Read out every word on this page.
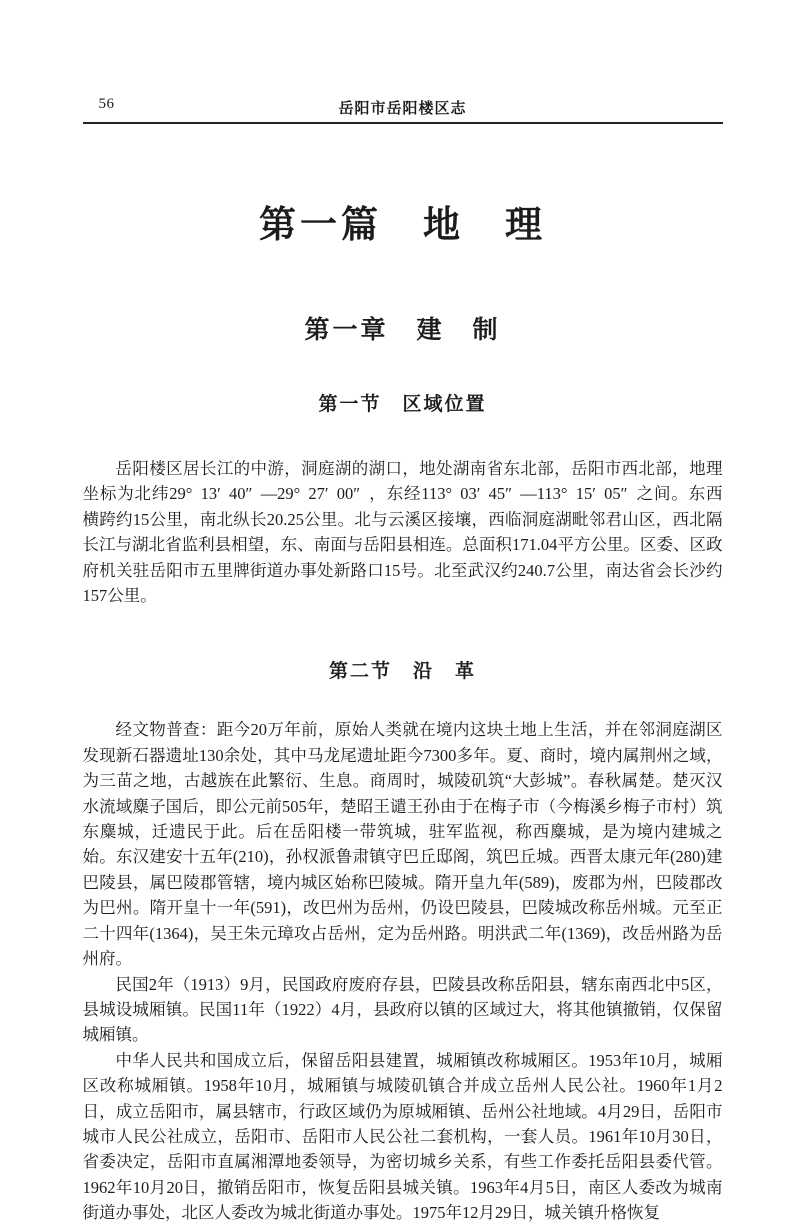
56	岳阳市岳阳楼区志
第一篇　地　理
第一章　建　制
第一节　区域位置

岳阳楼区居长江的中游，洞庭湖的湖口，地处湖南省东北部，岳阳市西北部，地理坐标为北纬29° 13′ 40″ —29° 27′ 00″ ，东经113° 03′ 45″ —113° 15′ 05″ 之间。东西横跨约15公里，南北纵长20.25公里。北与云溪区接壤，西临洞庭湖毗邻君山区，西北隔长江与湖北省监利县相望，东、南面与岳阳县相连。总面积171.04平方公里。区委、区政府机关驻岳阳市五里牌街道办事处新路口15号。北至武汉约240.7公里，南达省会长沙约157公里。

第二节　沿　革

经文物普查：距今20万年前，原始人类就在境内这块土地上生活，并在邻洞庭湖区发现新石器遗址130余处，其中马龙尾遗址距今7300多年。夏、商时，境内属荆州之域，为三苗之地，古越族在此繁衍、生息。商周时，城陵矶筑“大彭城”。春秋属楚。楚灭汉水流域麋子国后，即公元前505年，楚昭王谴王孙由于在梅子市（今梅溪乡梅子市村）筑东麋城，迁遗民于此。后在岳阳楼一带筑城，驻军监视，称西麋城，是为境内建城之始。东汉建安十五年(210)，孙权派鲁肃镇守巴丘邸阁，筑巴丘城。西晋太康元年(280)建巴陵县，属巴陵郡管辖，境内城区始称巴陵城。隋开皇九年(589)，废郡为州，巴陵郡改为巴州。隋开皇十一年(591)，改巴州为岳州，仍设巴陵县，巴陵城改称岳州城。元至正二十四年(1364)，吴王朱元璋攻占岳州，定为岳州路。明洪武二年(1369)，改岳州路为岳州府。

民国2年（1913）9月，民国政府废府存县，巴陵县改称岳阳县，辖东南西北中5区，县城设城厢镇。民国11年（1922）4月，县政府以镇的区域过大，将其他镇撤销，仅保留城厢镇。

中华人民共和国成立后，保留岳阳县建置，城厢镇改称城厢区。1953年10月，城厢区改称城厢镇。1958年10月，城厢镇与城陵矶镇合并成立岳州人民公社。1960年1月2日，成立岳阳市，属县辖市，行政区域仍为原城厢镇、岳州公社地域。4月29日，岳阳市城市人民公社成立，岳阳市、岳阳市人民公社二套机构，一套人员。1961年10月30日，省委决定，岳阳市直属湘潭地委领导，为密切城乡关系，有些工作委托岳阳县委代管。1962年10月20日，撤销岳阳市，恢复岳阳县城关镇。1963年4月5日，南区人委改为城南街道办事处，北区人委改为城北街道办事处。1975年12月29日，城关镇升格恢复
